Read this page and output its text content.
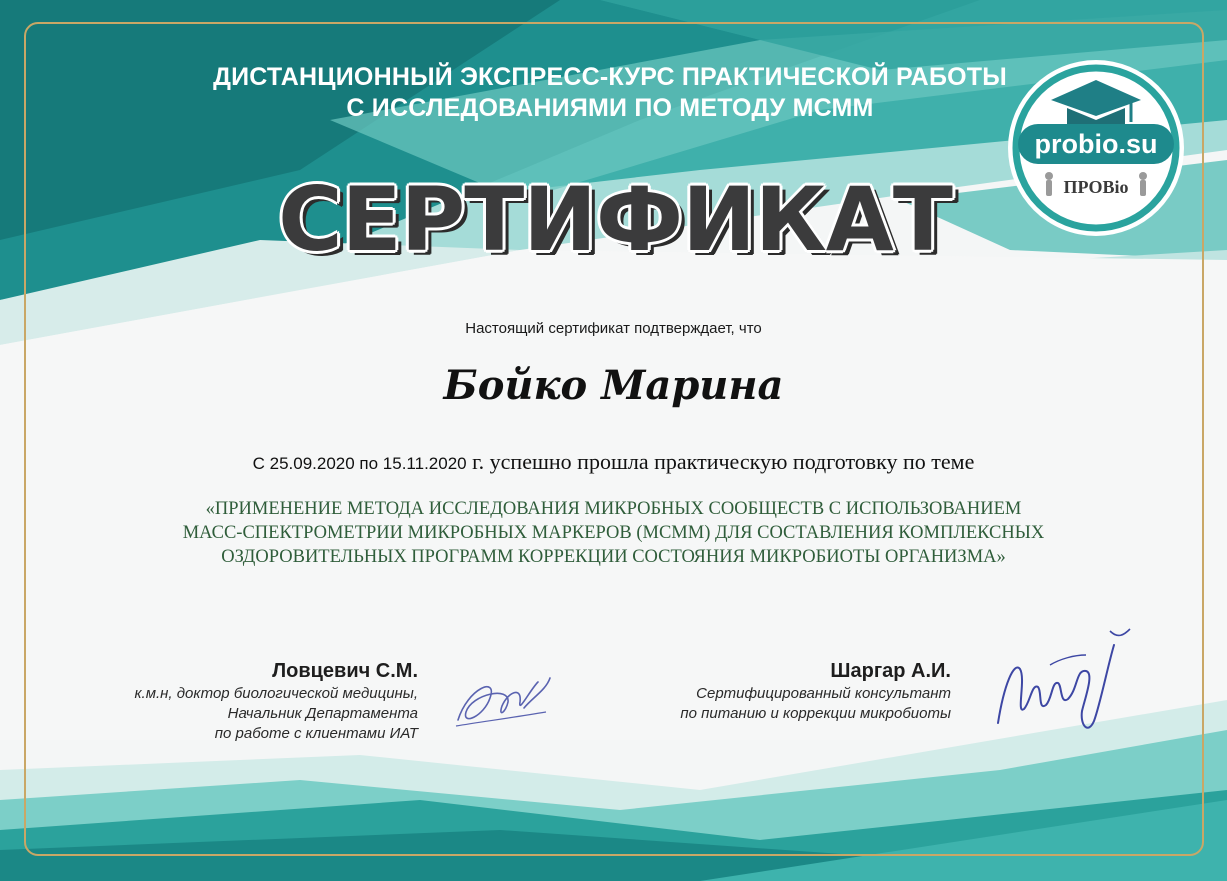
ДИСТАНЦИОННЫЙ ЭКСПРЕСС-КУРС ПРАКТИЧЕСКОЙ РАБОТЫ
С ИССЛЕДОВАНИЯМИ ПО МЕТОДУ МСММ
СЕРТИФИКАТ
probio.su
ПРОВіо
Настоящий сертификат подтверждает, что
Бойко Марина
С 25.09.2020 по 15.11.2020 г. успешно прошла практическую подготовку по теме
«ПРИМЕНЕНИЕ МЕТОДА ИССЛЕДОВАНИЯ МИКРОБНЫХ СООБЩЕСТВ С ИСПОЛЬЗОВАНИЕМ
МАСС-СПЕКТРОМЕТРИИ МИКРОБНЫХ МАРКЕРОВ (МСММ) ДЛЯ СОСТАВЛЕНИЯ КОМПЛЕКСНЫХ
ОЗДОРОВИТЕЛЬНЫХ ПРОГРАММ КОРРЕКЦИИ СОСТОЯНИЯ МИКРОБИОТЫ ОРГАНИЗМА»
Ловцевич С.М.
к.м.н, доктор биологической медицины,
Начальник Департамента
по работе с клиентами ИАТ
Шаргар А.И.
Сертифицированный консультант
по питанию и коррекции микробиоты
